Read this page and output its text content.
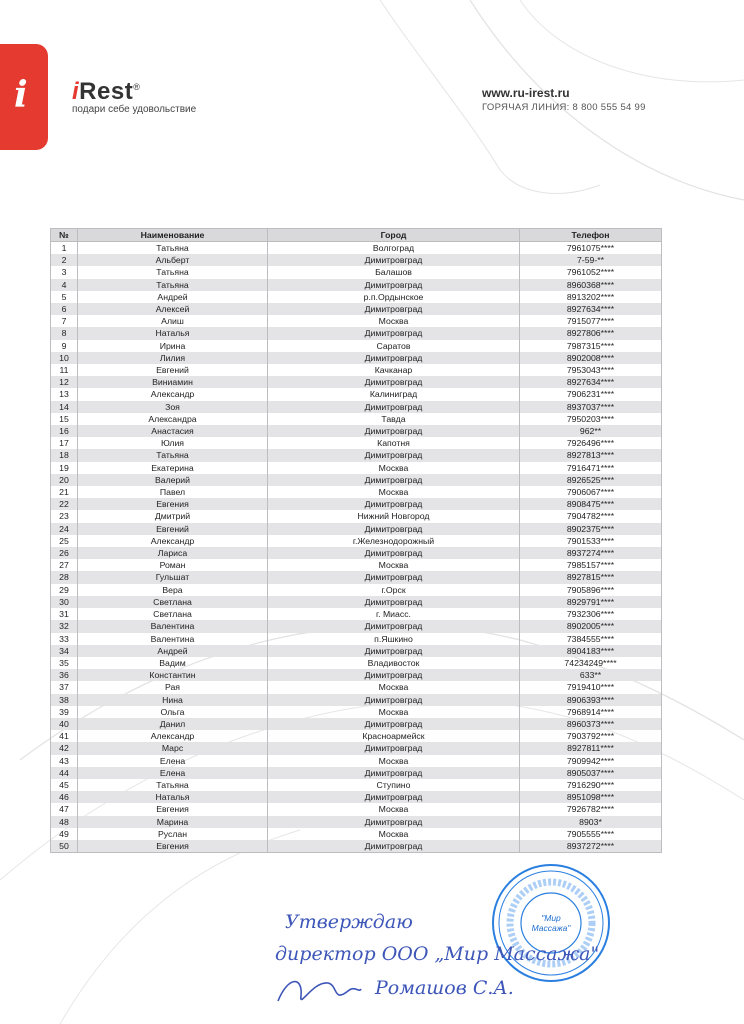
i iRest®
подари себе удовольствие
www.ru-irest.ru
ГОРЯЧАЯ ЛИНИЯ: 8 800 555 54 99
№	Наименование	Город	Телефон
1	Татьяна	Волгоград	7961075****
2	Альберт	Димитровград	7-59-**
3	Татьяна	Балашов	7961052****
4	Татьяна	Димитровград	8960368****
5	Андрей	р.п.Ордынское	8913202****
6	Алексей	Димитровград	8927634****
7	Алиш	Москва	7915077****
8	Наталья	Димитровград	8927806****
9	Ирина	Саратов	7987315****
10	Лилия	Димитровград	8902008****
11	Евгений	Качканар	7953043****
12	Виниамин	Димитровград	8927634****
13	Александр	Калиниград	7906231****
14	Зоя	Димитровград	8937037****
15	Александра	Тавда	7950203****
16	Анастасия	Димитровград	962**
17	Юлия	Капотня	7926496****
18	Татьяна	Димитровград	8927813****
19	Екатерина	Москва	7916471****
20	Валерий	Димитровград	8926525****
21	Павел	Москва	7906067****
22	Евгения	Димитровград	8908475****
23	Дмитрий	Нижний Новгород	7904782****
24	Евгений	Димитровград	8902375****
25	Александр	г.Железнодорожный	7901533****
26	Лариса	Димитровград	8937274****
27	Роман	Москва	7985157****
28	Гульшат	Димитровград	8927815****
29	Вера	г.Орск	7905896****
30	Светлана	Димитровград	8929791****
31	Светлана	г. Миасс.	7932306****
32	Валентина	Димитровград	8902005****
33	Валентина	п.Яшкино	7384555****
34	Андрей	Димитровград	8904183****
35	Вадим	Владивосток	74234249****
36	Константин	Димитровград	633**
37	Рая	Москва	7919410****
38	Нина	Димитровград	8906393****
39	Ольга	Москва	7968914****
40	Данил	Димитровград	8960373****
41	Александр	Красноармейск	7903792****
42	Марс	Димитровград	8927811****
43	Елена	Москва	7909942****
44	Елена	Димитровград	8905037****
45	Татьяна	Ступино	7916290****
46	Наталья	Димитровград	8951098****
47	Евгения	Москва	7926782****
48	Марина	Димитровград	8903*
49	Руслан	Москва	7905555****
50	Евгения	Димитровград	8937272****
"Мир Массажа"
Утверждаю
директор ООО „Мир Массажа"
Ромашов С.А.
